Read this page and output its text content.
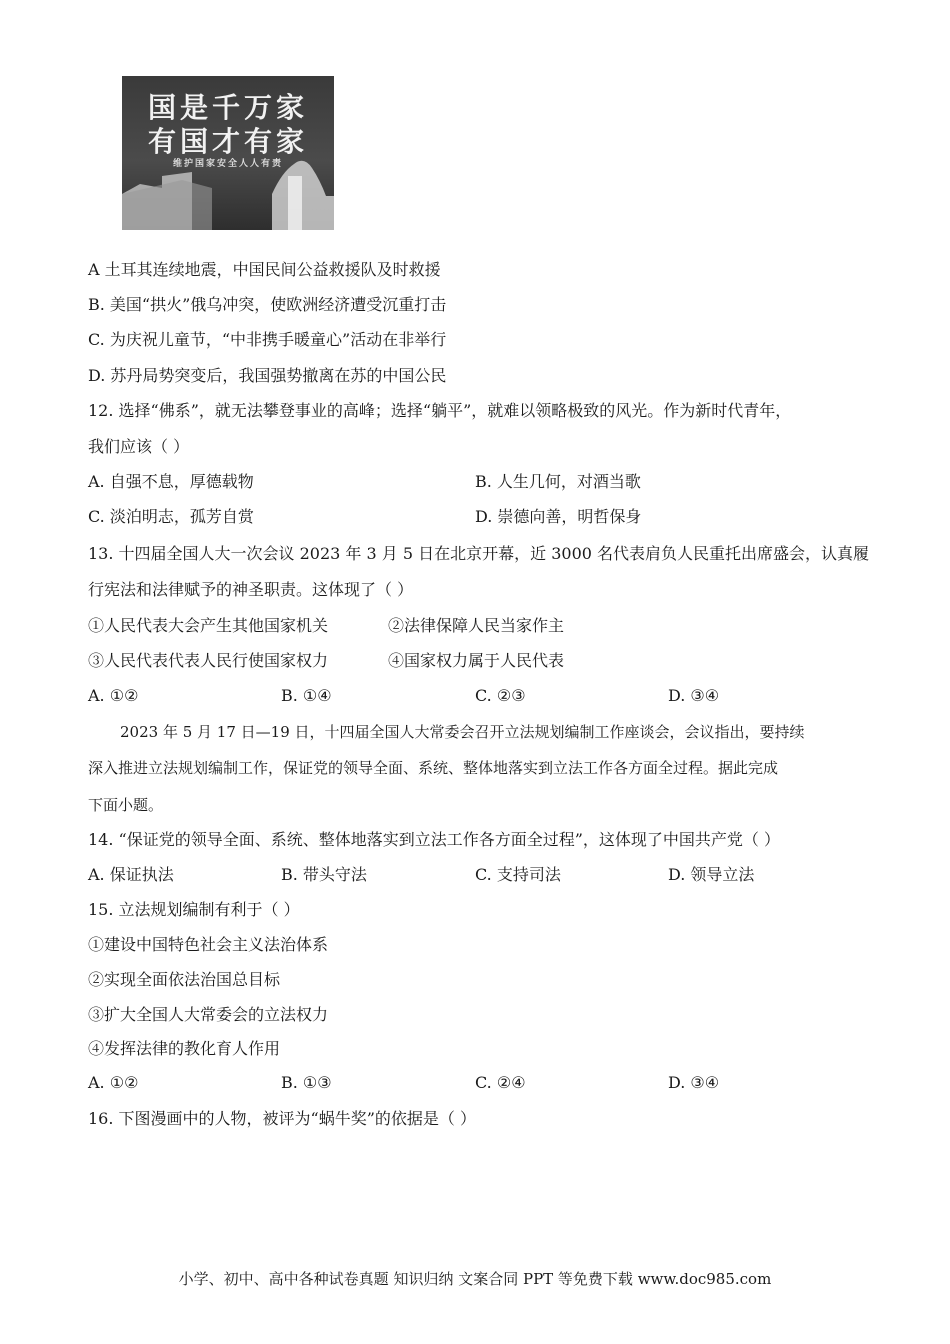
国是千万家
有国才有家
维护国家安全人人有责
A 土耳其连续地震，中国民间公益救援队及时救援
B. 美国“拱火”俄乌冲突，使欧洲经济遭受沉重打击
C. 为庆祝儿童节，“中非携手暖童心”活动在非举行
D. 苏丹局势突变后，我国强势撤离在苏的中国公民
12. 选择“佛系”，就无法攀登事业的高峰；选择“躺平”，就难以领略极致的风光。作为新时代青年，
我们应该（ ）
A. 自强不息，厚德载物	B. 人生几何，对酒当歌
C. 淡泊明志，孤芳自赏	D. 崇德向善，明哲保身
13. 十四届全国人大一次会议 2023 年 3 月 5 日在北京开幕，近 3000 名代表肩负人民重托出席盛会，认真履
行宪法和法律赋予的神圣职责。这体现了（ ）
①人民代表大会产生其他国家机关	②法律保障人民当家作主
③人民代表代表人民行使国家权力	④国家权力属于人民代表
A. ①②	B. ①④	C. ②③	D. ③④
2023 年 5 月 17 日—19 日，十四届全国人大常委会召开立法规划编制工作座谈会，会议指出，要持续
深入推进立法规划编制工作，保证党的领导全面、系统、整体地落实到立法工作各方面全过程。据此完成
下面小题。
14. “保证党的领导全面、系统、整体地落实到立法工作各方面全过程”，这体现了中国共产党（ ）
A. 保证执法	B. 带头守法	C. 支持司法	D. 领导立法
15. 立法规划编制有利于（ ）
①建设中国特色社会主义法治体系
②实现全面依法治国总目标
③扩大全国人大常委会的立法权力
④发挥法律的教化育人作用
A. ①②	B. ①③	C. ②④	D. ③④
16. 下图漫画中的人物，被评为“蜗牛奖”的依据是（ ）
小学、初中、高中各种试卷真题 知识归纳 文案合同 PPT 等免费下载 www.doc985.com
